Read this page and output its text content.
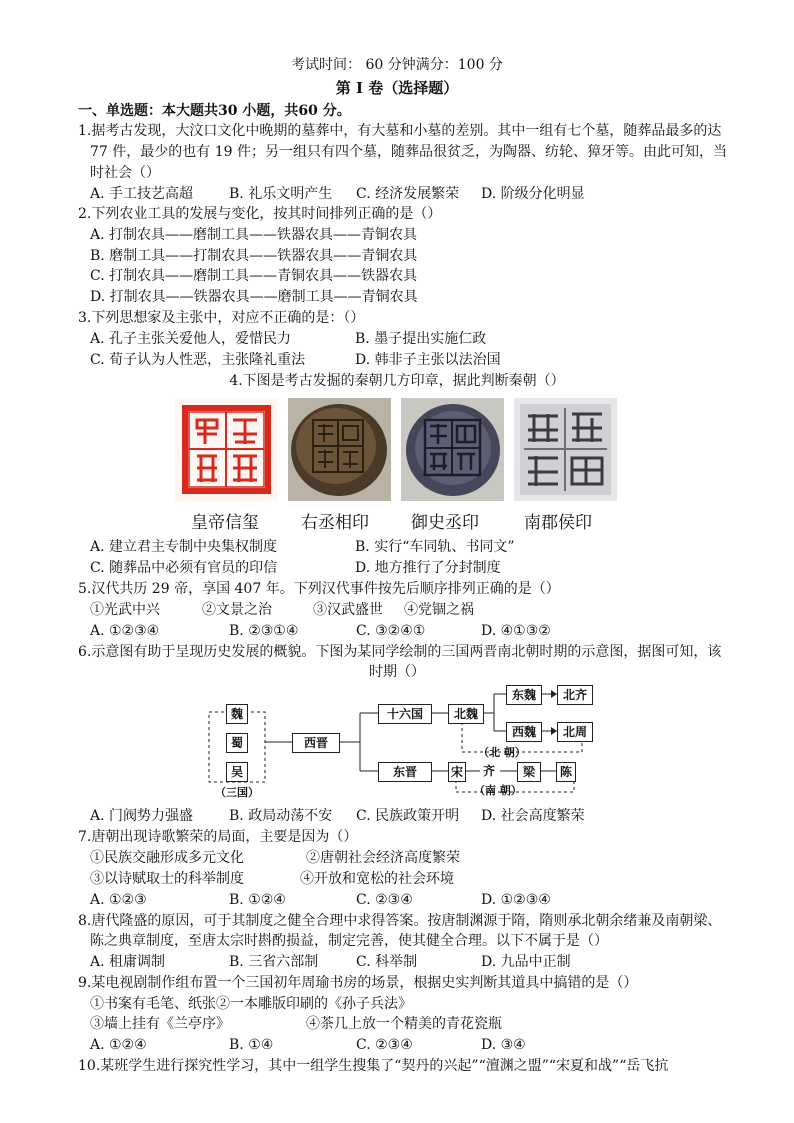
考试时间： 60 分钟满分：100 分
第 Ⅰ 卷（选择题）
一、单选题：本大题共30 小题，共60 分。
1.据考古发现，大汶口文化中晚期的墓葬中，有大墓和小墓的差别。其中一组有七个墓，随葬品最多的达
77 件，最少的也有 19 件；另一组只有四个墓，随葬品很贫乏，为陶器、纺轮、獐牙等。由此可知，当
时社会（）
A. 手工技艺高超	B. 礼乐文明产生 C. 经济发展繁荣 D. 阶级分化明显
2.下列农业工具的发展与变化，按其时间排列正确的是（）
A. 打制农具——磨制工具——铁器农具——青铜农具
B. 磨制工具——打制农具——铁器农具——青铜农具
C. 打制农具——磨制工具——青铜农具——铁器农具
D. 打制农具——铁器农具——磨制工具——青铜农具
3.下列思想家及主张中，对应不正确的是：（）
A. 孔子主张关爱他人，爱惜民力	B. 墨子提出实施仁政
C. 荀子认为人性恶，主张隆礼重法	D. 韩非子主张以法治国
4.下图是考古发掘的秦朝几方印章，据此判断秦朝（）
皇帝信玺 右丞相印 御史丞印	南郡侯印
A. 建立君主专制中央集权制度	B. 实行“车同轨、书同文”
C. 随葬品中必须有官员的印信	D. 地方推行了分封制度
5.汉代共历 29 帝，享国 407 年。下列汉代事件按先后顺序排列正确的是（）
①光武中兴	②文景之治	③汉武盛世 ④党锢之祸
A. ①②③④	B. ②③①④	C. ③②④①	D. ④①③②
6.示意图有助于呈现历史发展的概貌。下图为某同学绘制的三国两晋南北朝时期的示意图，据图可知，该
时期（）
魏
蜀
吴
（三国）
西晋
十六国	北魏
东魏	北齐
西魏	北周
（北 朝）
东晋	宋 齐	梁	陈
（南 朝）
A. 门阀势力强盛	B. 政局动荡不安 C. 民族政策开明 D. 社会高度繁荣
7.唐朝出现诗歌繁荣的局面，主要是因为（）
①民族交融形成多元文化	②唐朝社会经济高度繁荣
③以诗赋取士的科举制度	④开放和宽松的社会环境
A. ①②③	B. ①②④	C. ②③④	D. ①②③④
8.唐代隆盛的原因，可于其制度之健全合理中求得答案。按唐制渊源于隋，隋则承北朝余绪兼及南朝梁、
陈之典章制度，至唐太宗时斟酌损益，制定完善，使其健全合理。以下不属于是（）
A. 租庸调制	B. 三省六部制	C. 科举制	D. 九品中正制
9.某电视剧制作组布置一个三国初年周瑜书房的场景，根据史实判断其道具中搞错的是（）
①书案有毛笔、纸张②一本雕版印刷的《孙子兵法》
③墙上挂有《兰亭序》	④茶几上放一个精美的青花瓷瓶
A. ①②④	B. ①④	C. ②③④	D. ③④
10.某班学生进行探究性学习，其中一组学生搜集了“契丹的兴起”“澶渊之盟”“宋夏和战”“岳飞抗
